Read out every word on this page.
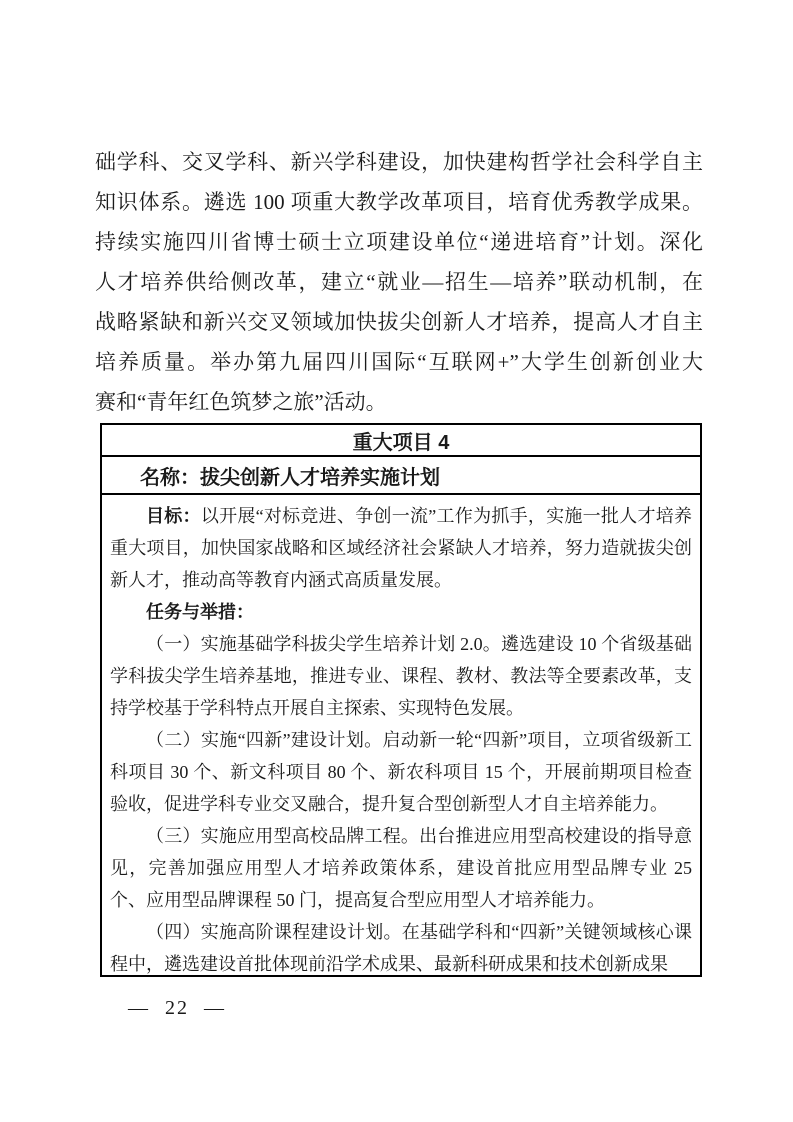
础学科、交叉学科、新兴学科建设，加快建构哲学社会科学自主
知识体系。遴选 100 项重大教学改革项目，培育优秀教学成果。
持续实施四川省博士硕士立项建设单位“递进培育”计划。深化
人才培养供给侧改革，建立“就业—招生—培养”联动机制，在
战略紧缺和新兴交叉领域加快拔尖创新人才培养，提高人才自主
培养质量。举办第九届四川国际“互联网+”大学生创新创业大
赛和“青年红色筑梦之旅”活动。
重大项目 4
名称： 拔尖创新人才培养实施计划

目标：以开展“对标竞进、争创一流”工作为抓手，实施一批人才培养重大项目，加快国家战略和区域经济社会紧缺人才培养，努力造就拔尖创新人才，推动高等教育内涵式高质量发展。

任务与举措：

（一）实施基础学科拔尖学生培养计划 2.0。遴选建设 10 个省级基础学科拔尖学生培养基地，推进专业、课程、教材、教法等全要素改革，支持学校基于学科特点开展自主探索、实现特色发展。

（二）实施“四新”建设计划。启动新一轮“四新”项目，立项省级新工科项目 30 个、新文科项目 80 个、新农科项目 15 个，开展前期项目检查验收，促进学科专业交叉融合，提升复合型创新型人才自主培养能力。

（三）实施应用型高校品牌工程。出台推进应用型高校建设的指导意见，完善加强应用型人才培养政策体系，建设首批应用型品牌专业 25 个、应用型品牌课程 50 门，提高复合型应用型人才培养能力。

（四）实施高阶课程建设计划。在基础学科和“四新”关键领域核心课程中，遴选建设首批体现前沿学术成果、最新科研成果和技术创新成果

— 22 —
